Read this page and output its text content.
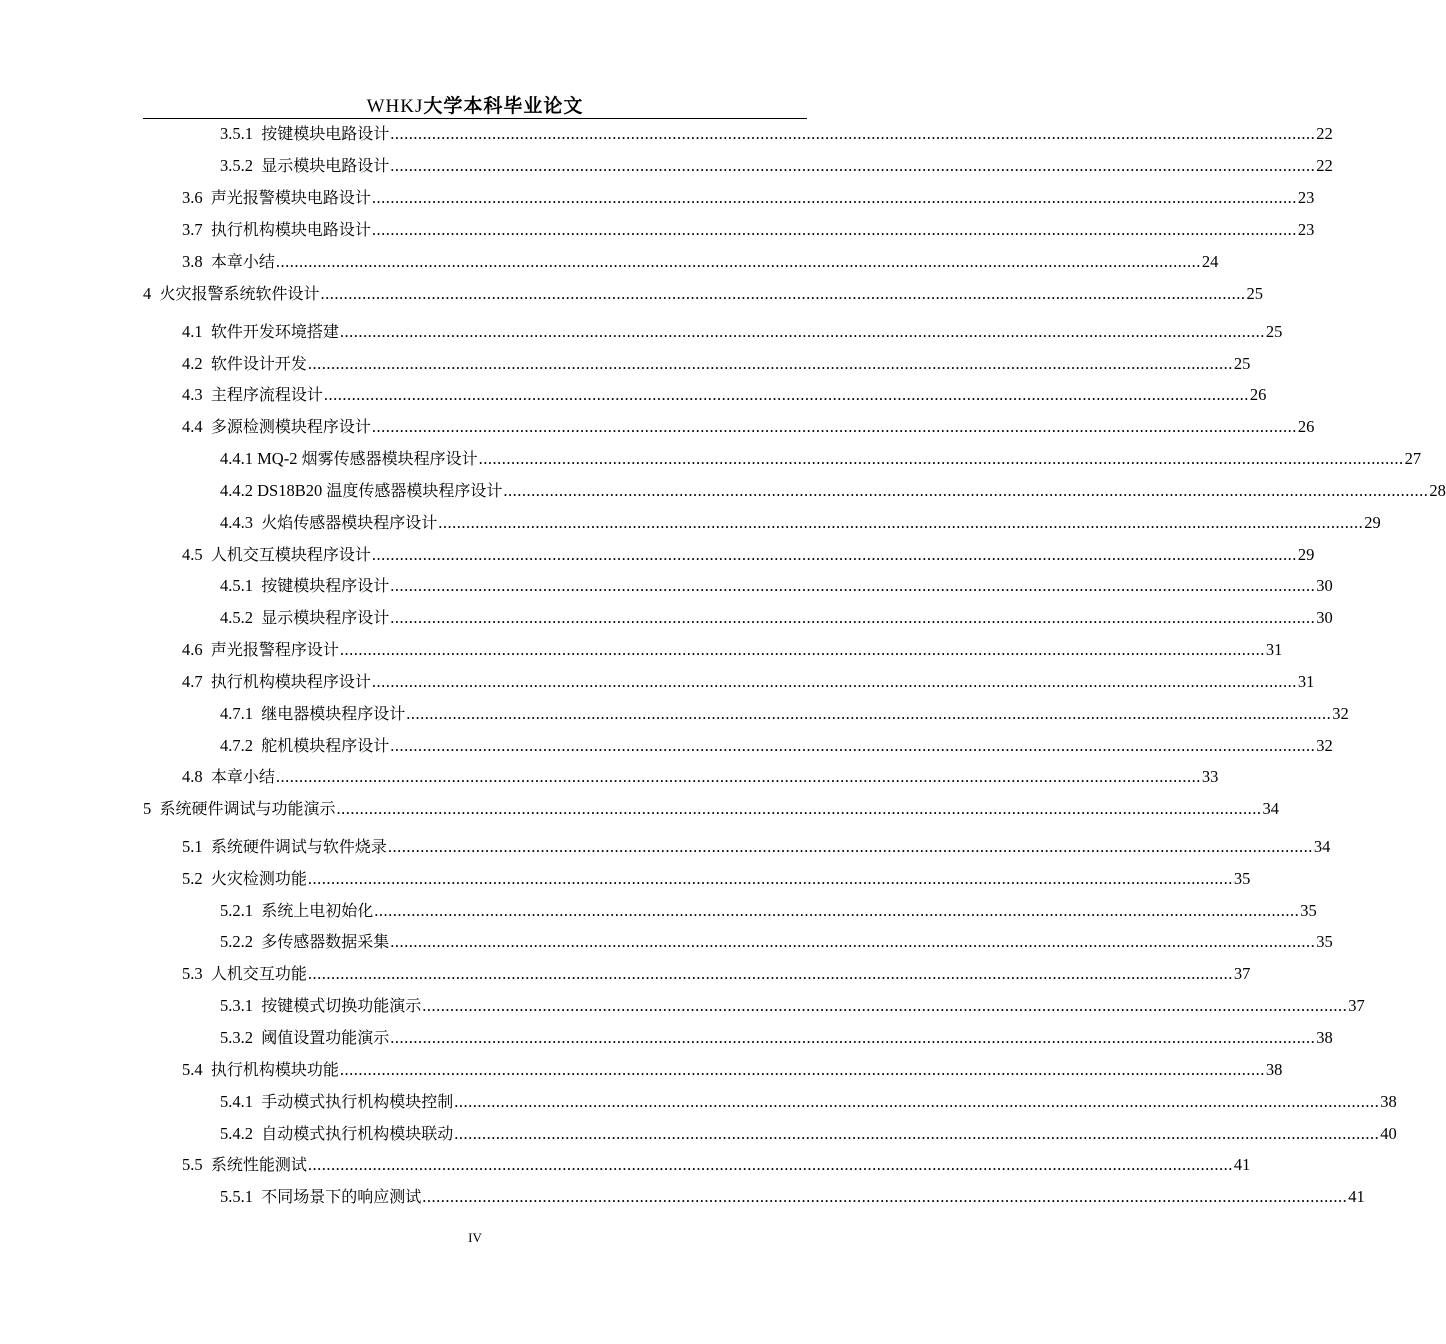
WHKJ大学本科毕业论文
3.5.1 按键模块电路设计 ........................................................................................................................................................................................................ 22
3.5.2 显示模块电路设计 ........................................................................................................................................................................................................ 22
3.6 声光报警模块电路设计 ........................................................................................................................................................................................................ 23
3.7 执行机构模块电路设计 ........................................................................................................................................................................................................ 23
3.8 本章小结 ........................................................................................................................................................................................................ 24
4 火灾报警系统软件设计 ........................................................................................................................................................................................................ 25
4.1 软件开发环境搭建 ........................................................................................................................................................................................................ 25
4.2 软件设计开发 ........................................................................................................................................................................................................ 25
4.3 主程序流程设计 ........................................................................................................................................................................................................ 26
4.4 多源检测模块程序设计 ........................................................................................................................................................................................................ 26
4.4.1 MQ-2 烟雾传感器模块程序设计 ........................................................................................................................................................................................................ 27
4.4.2 DS18B20 温度传感器模块程序设计 ........................................................................................................................................................................................................ 28
4.4.3 火焰传感器模块程序设计 ........................................................................................................................................................................................................ 29
4.5 人机交互模块程序设计 ........................................................................................................................................................................................................ 29
4.5.1 按键模块程序设计 ........................................................................................................................................................................................................ 30
4.5.2 显示模块程序设计 ........................................................................................................................................................................................................ 30
4.6 声光报警程序设计 ........................................................................................................................................................................................................ 31
4.7 执行机构模块程序设计 ........................................................................................................................................................................................................ 31
4.7.1 继电器模块程序设计 ........................................................................................................................................................................................................ 32
4.7.2 舵机模块程序设计 ........................................................................................................................................................................................................ 32
4.8 本章小结 ........................................................................................................................................................................................................ 33
5 系统硬件调试与功能演示 ........................................................................................................................................................................................................ 34
5.1 系统硬件调试与软件烧录 ........................................................................................................................................................................................................ 34
5.2 火灾检测功能 ........................................................................................................................................................................................................ 35
5.2.1 系统上电初始化 ........................................................................................................................................................................................................ 35
5.2.2 多传感器数据采集 ........................................................................................................................................................................................................ 35
5.3 人机交互功能 ........................................................................................................................................................................................................ 37
5.3.1 按键模式切换功能演示 ........................................................................................................................................................................................................ 37
5.3.2 阈值设置功能演示 ........................................................................................................................................................................................................ 38
5.4 执行机构模块功能 ........................................................................................................................................................................................................ 38
5.4.1 手动模式执行机构模块控制 ........................................................................................................................................................................................................ 38
5.4.2 自动模式执行机构模块联动 ........................................................................................................................................................................................................ 40
5.5 系统性能测试 ........................................................................................................................................................................................................ 41
5.5.1 不同场景下的响应测试 ........................................................................................................................................................................................................ 41
IV
